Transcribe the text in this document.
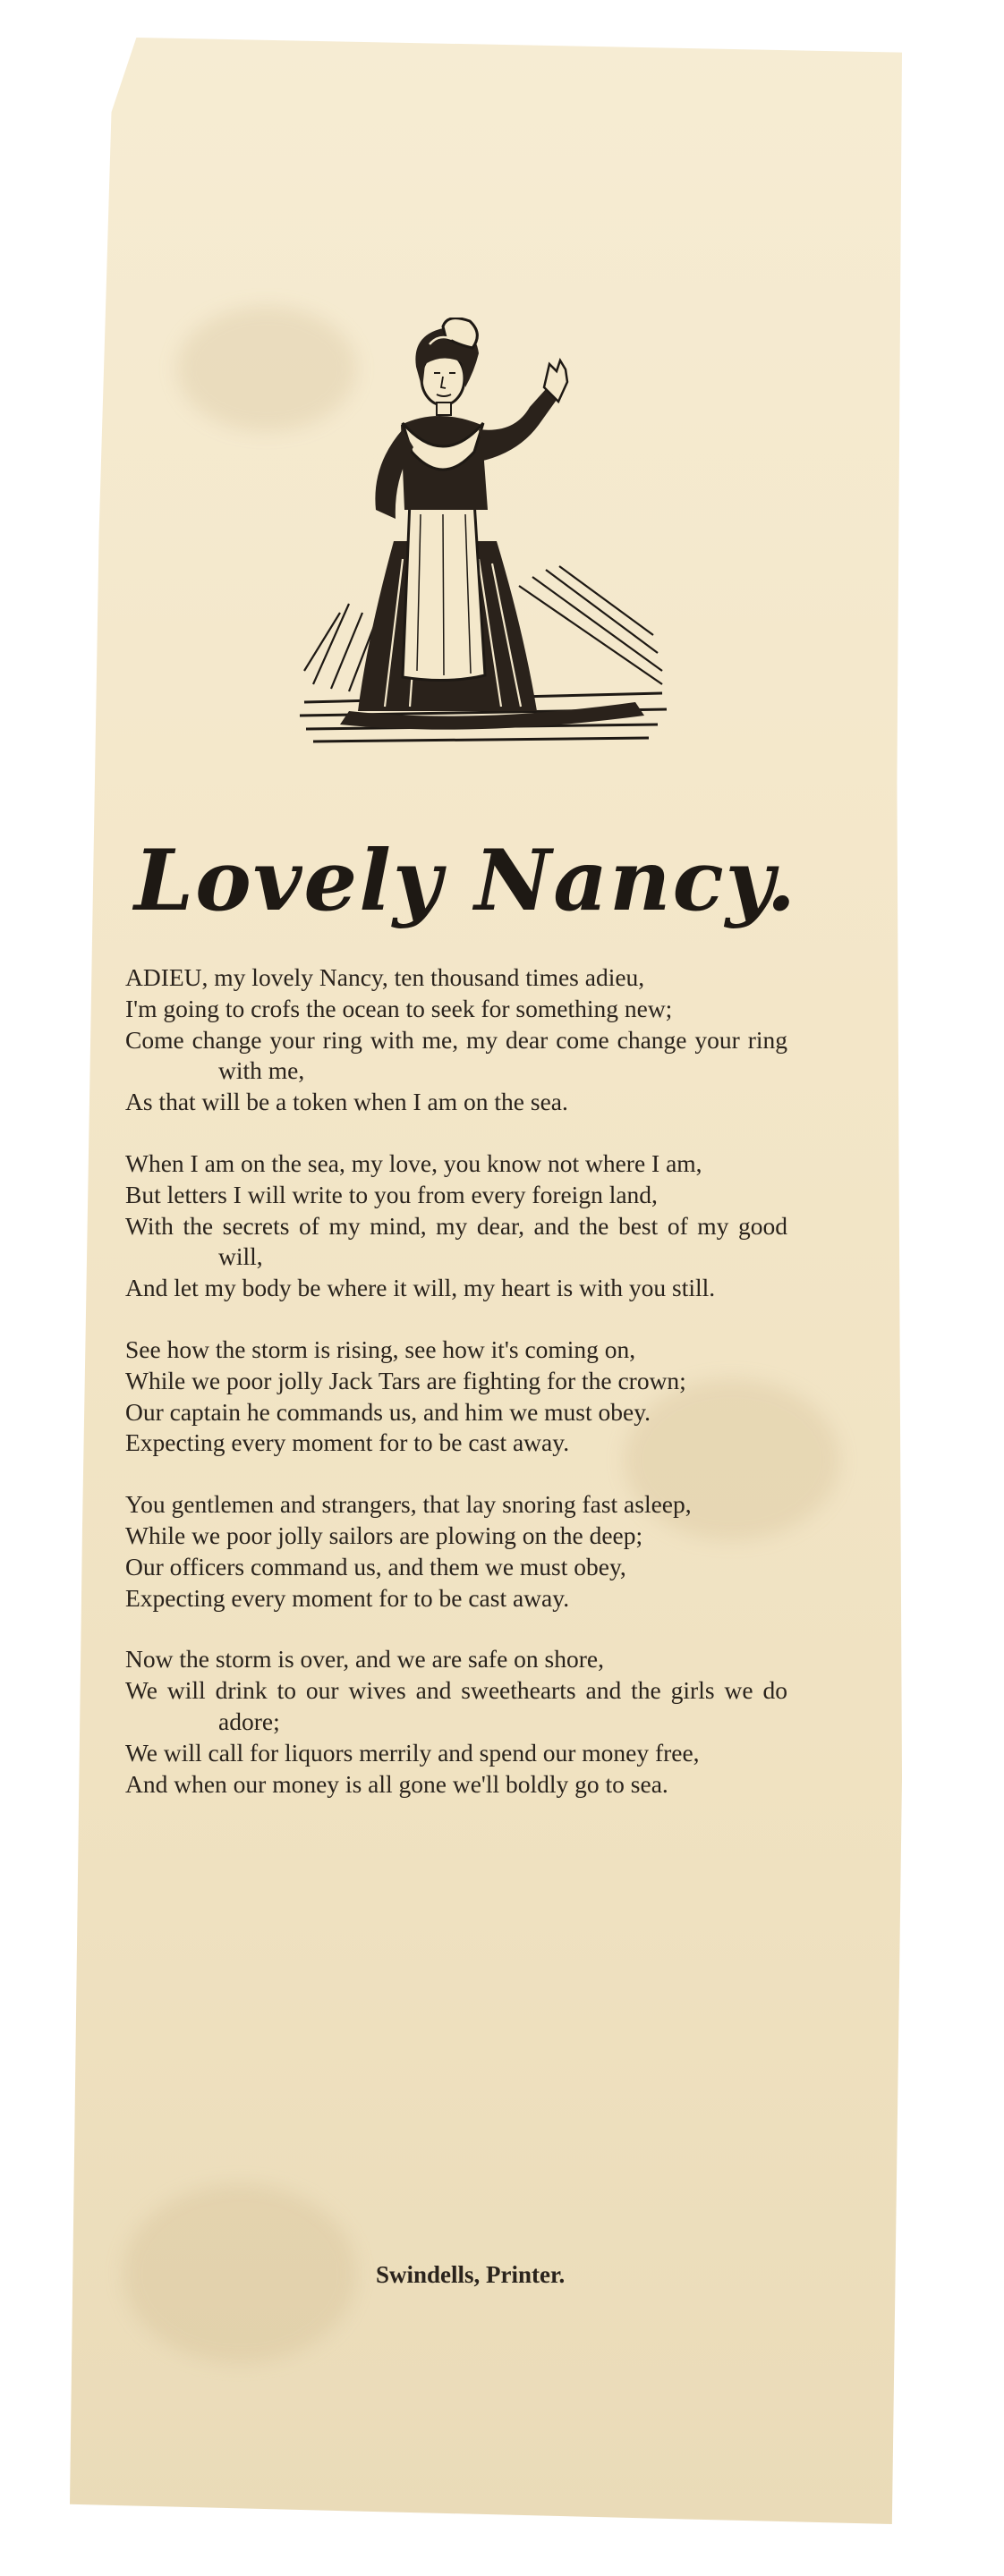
Lovely Nancy.

ADIEU, my lovely Nancy, ten thousand times adieu,

I'm going to crofs the ocean to seek for something new;

Come change your ring with me, my dear come change your ring with me,

As that will be a token when I am on the sea.

When I am on the sea, my love, you know not where I am,

But letters I will write to you from every foreign land,

With the secrets of my mind, my dear, and the best of my good will,

And let my body be where it will, my heart is with you still.

See how the storm is rising, see how it's coming on,

While we poor jolly Jack Tars are fighting for the crown;

Our captain he commands us, and him we must obey.

Expecting every moment for to be cast away.

You gentlemen and strangers, that lay snoring fast asleep,

While we poor jolly sailors are plowing on the deep;

Our officers command us, and them we must obey,

Expecting every moment for to be cast away.

Now the storm is over, and we are safe on shore,

We will drink to our wives and sweethearts and the girls we do adore;

We will call for liquors merrily and spend our money free,

And when our money is all gone we'll boldly go to sea.

Swindells, Printer.
